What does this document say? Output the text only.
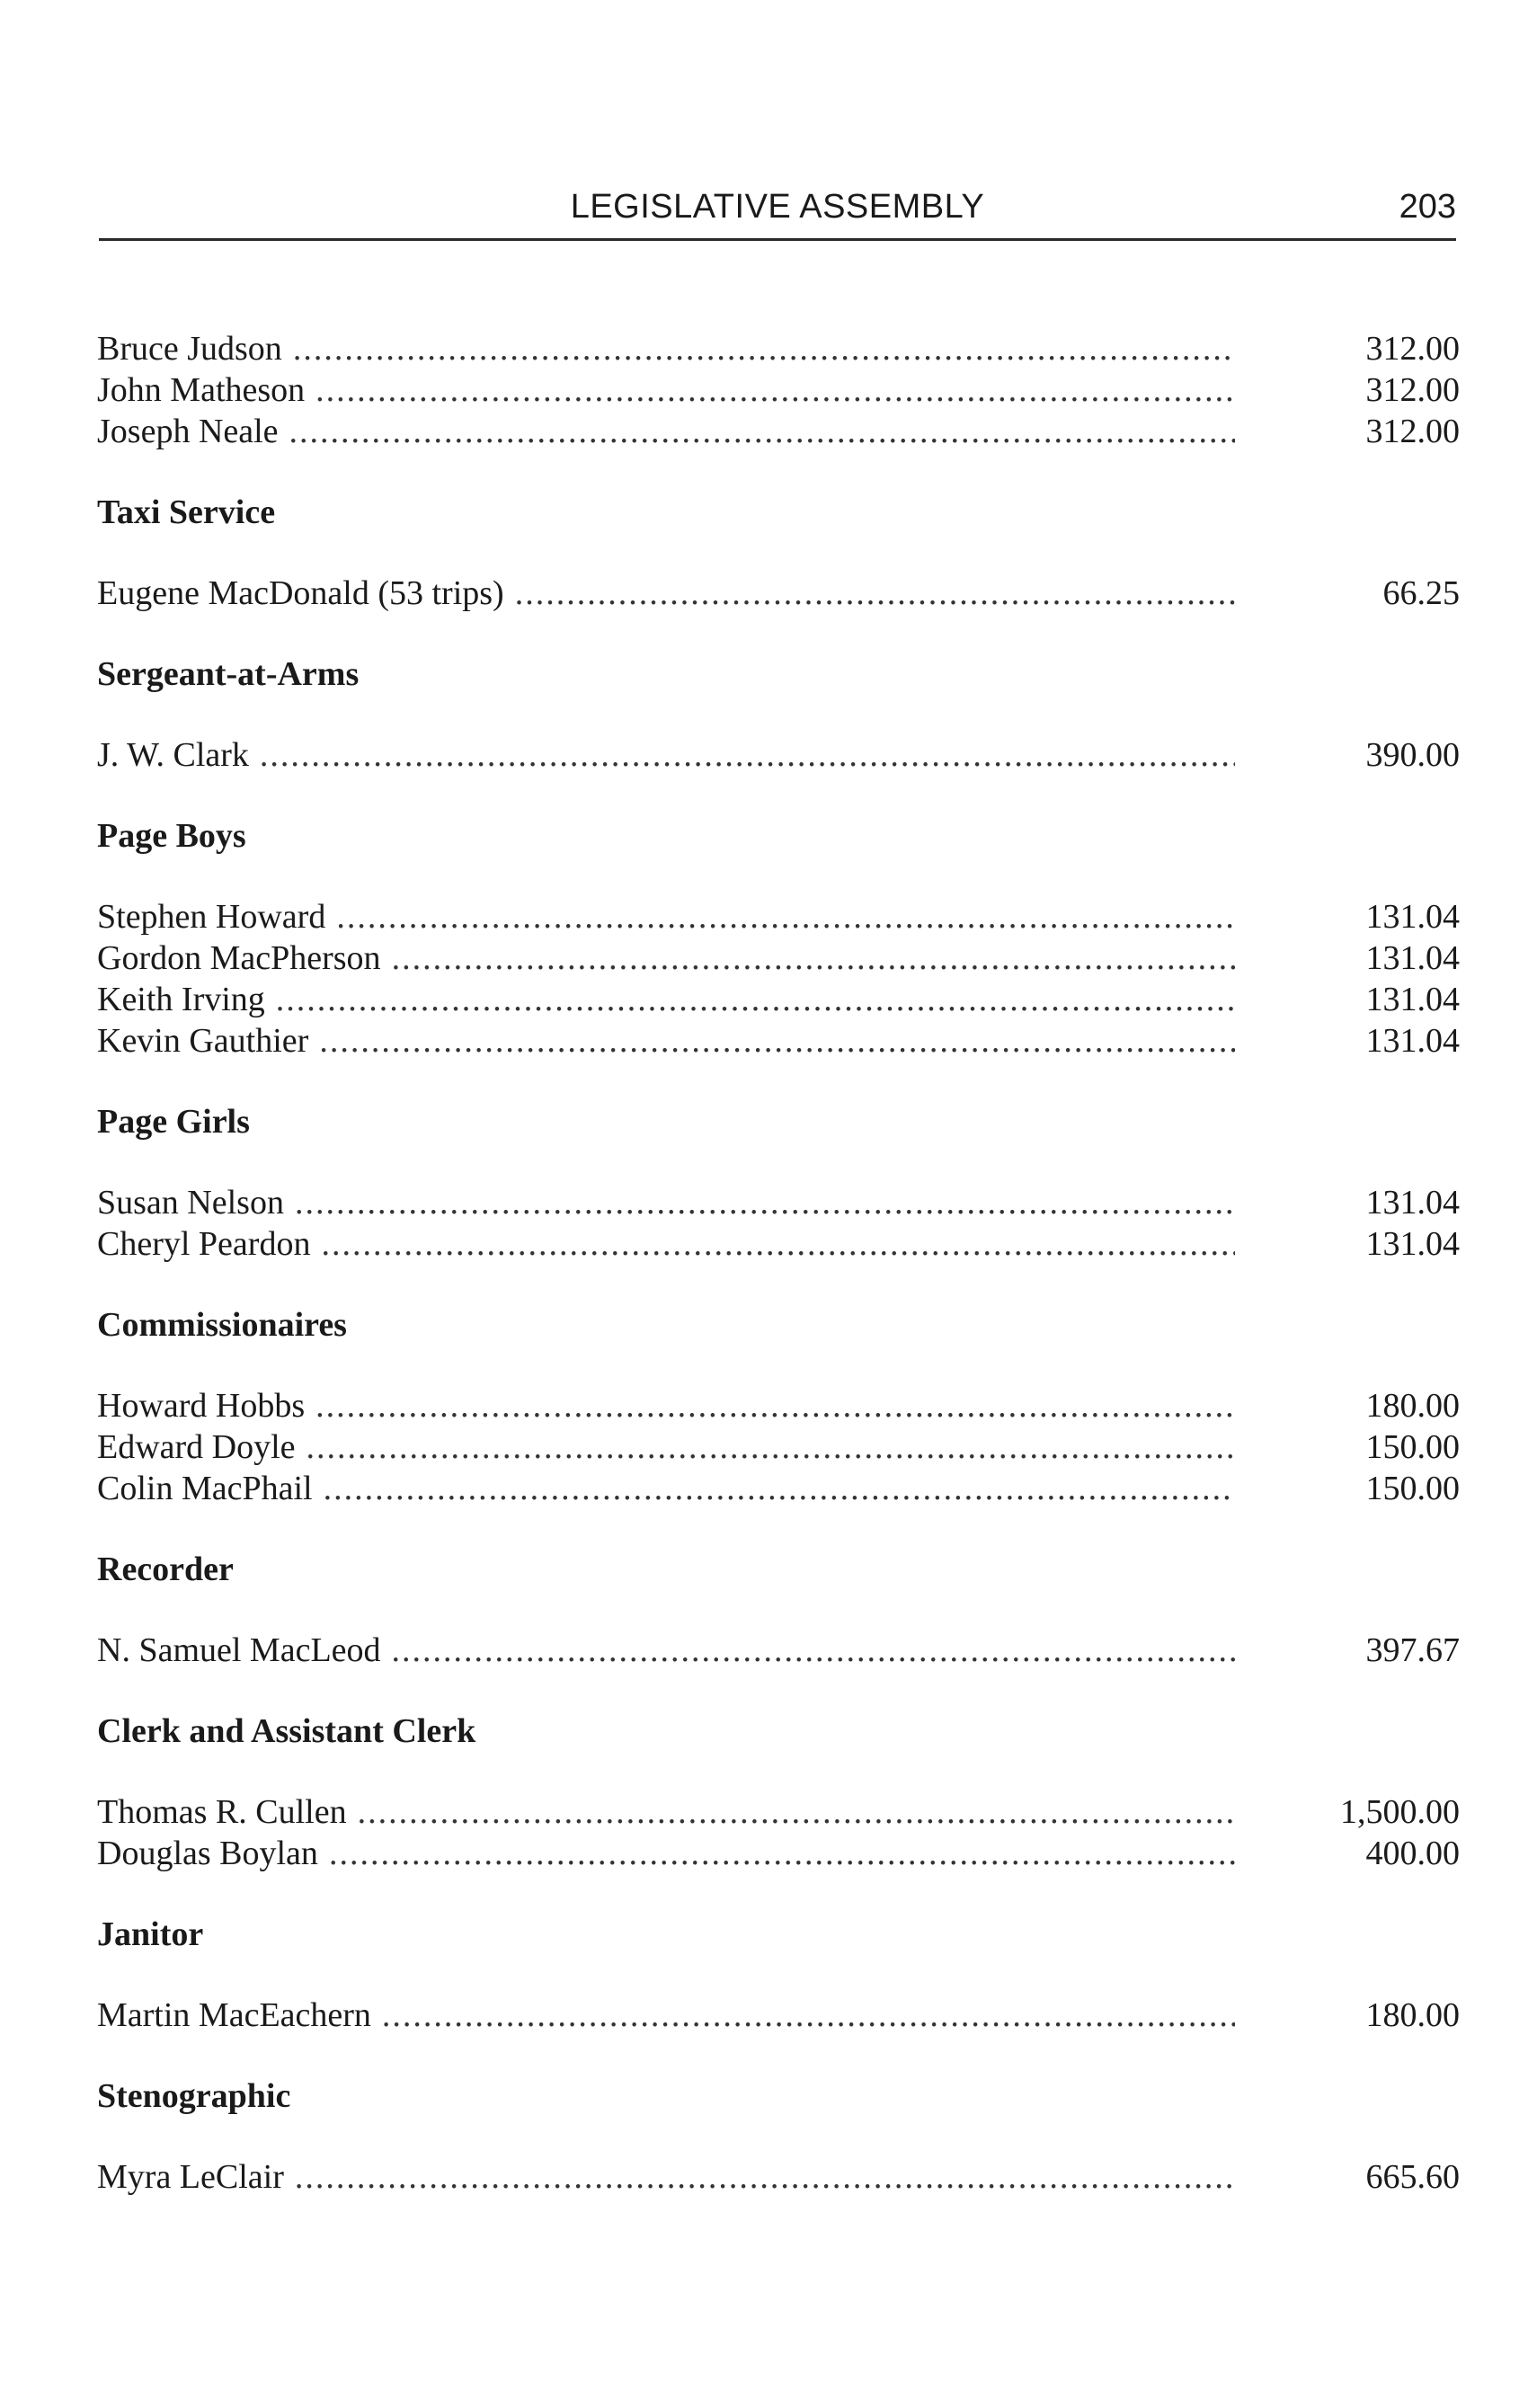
LEGISLATIVE ASSEMBLY	203
Bruce Judson .....	312.00
John Matheson .....	312.00
Joseph Neale .....	312.00
Taxi Service
Eugene MacDonald (53 trips) .....	66.25
Sergeant-at-Arms
J. W. Clark .....	390.00
Page Boys
Stephen Howard .....	131.04
Gordon MacPherson .....	131.04
Keith Irving .....	131.04
Kevin Gauthier .....	131.04
Page Girls
Susan Nelson .....	131.04
Cheryl Peardon .....	131.04
Commissionaires
Howard Hobbs .....	180.00
Edward Doyle .....	150.00
Colin MacPhail .....	150.00
Recorder
N. Samuel MacLeod .....	397.67
Clerk and Assistant Clerk
Thomas R. Cullen .....	1,500.00
Douglas Boylan .....	400.00
Janitor
Martin MacEachern .....	180.00
Stenographic
Myra LeClair .....	665.60
